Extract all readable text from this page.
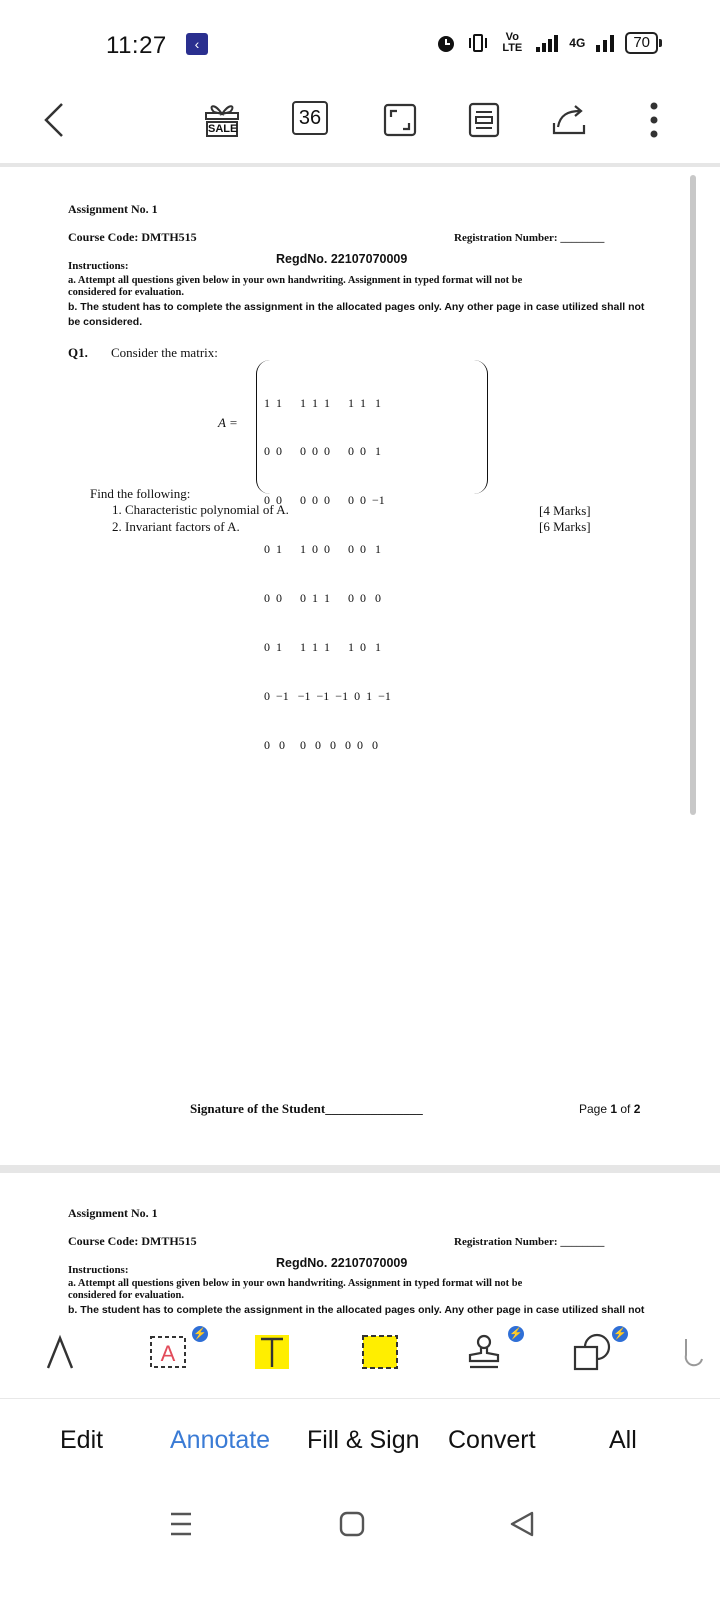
11:27	‹	Vo LTE	4G	70
SALE	36
Assignment No. 1
Course Code: DMTH515	Registration Number: ________
RegdNo. 22107070009
Instructions:
a. Attempt all questions given below in your own handwriting. Assignment in typed format will not be
considered for evaluation.
b. The student has to complete the assignment in the allocated pages only. Any other page in case utilized shall not
be considered.
Q1. Consider the matrix:
A =

1  1      1  1  1      1  1   1

0  0      0  0  0      0  0   1

0  0      0  0  0      0  0  −1

0  1      1  0  0      0  0   1

0  0      0  1  1      0  0   0

0  1      1  1  1      1  0   1

0  −1   −1  −1  −1  0  1  −1

0   0     0   0   0   0  0   0

Find the following:
1. Characteristic polynomial of A.
2. Invariant factors of A.
[4 Marks]
[6 Marks]
Signature of the Student_______________	Page 1 of 2
Assignment No. 1
Course Code: DMTH515	Registration Number: ________
RegdNo. 22107070009
Instructions:
a. Attempt all questions given below in your own handwriting. Assignment in typed format will not be
considered for evaluation.
b. The student has to complete the assignment in the allocated pages only. Any other page in case utilized shall not
A
⚡	⚡	⚡
Edit	Annotate Fill & Sign Convert	All
